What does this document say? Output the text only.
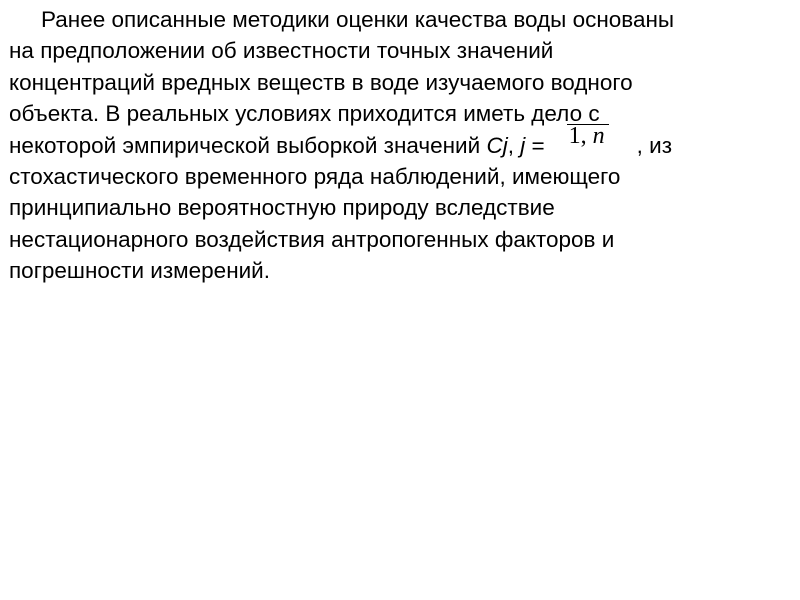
Ранее описанные методики оценки качества воды основаны
на предположении об известности точных значений
концентраций вредных веществ в воде изучаемого водного
объекта. В реальных условиях приходится иметь дело с
некоторой эмпирической выборкой значений Cj, j = 1, n , из
стохастического временного ряда наблюдений, имеющего
принципиально вероятностную природу вследствие
нестационарного воздействия антропогенных факторов и
погрешности измерений.
